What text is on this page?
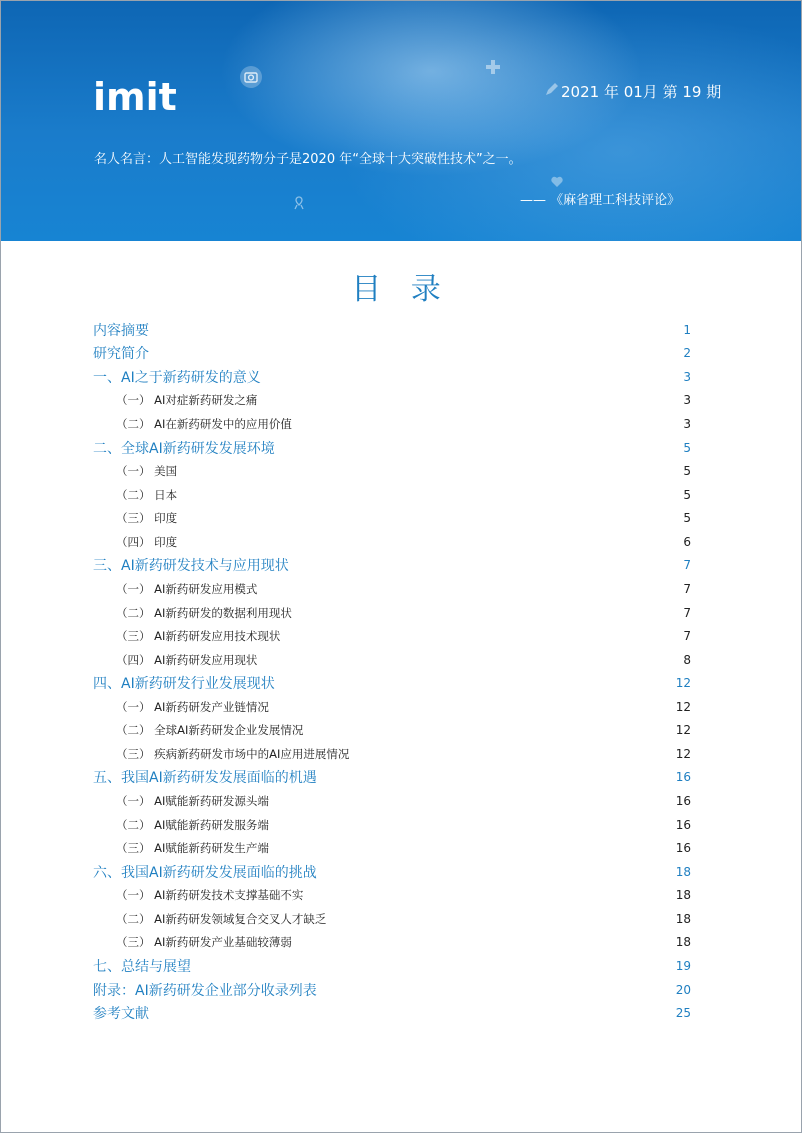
imit	2021 年 01月 第 19 期
名人名言：人工智能发现药物分子是2020 年“全球十大突破性技术”之一。
—— 《麻省理工科技评论》
目 录
内容摘要	1
研究简介	2
一、AI之于新药研发的意义	3
（一） AI对症新药研发之痛	3
（二） AI在新药研发中的应用价值	3
二、全球AI新药研发发展环境	5
（一） 美国	5
（二） 日本	5
（三） 印度	5
（四） 印度	6
三、AI新药研发技术与应用现状	7
（一） AI新药研发应用模式	7
（二） AI新药研发的数据利用现状	7
（三） AI新药研发应用技术现状	7
（四） AI新药研发应用现状	8
四、AI新药研发行业发展现状	12
（一） AI新药研发产业链情况	12
（二） 全球AI新药研发企业发展情况	12
（三） 疾病新药研发市场中的AI应用进展情况	12
五、我国AI新药研发发展面临的机遇	16
（一） AI赋能新药研发源头端	16
（二） AI赋能新药研发服务端	16
（三） AI赋能新药研发生产端	16
六、我国AI新药研发发展面临的挑战	18
（一） AI新药研发技术支撑基础不实	18
（二） AI新药研发领域复合交叉人才缺乏	18
（三） AI新药研发产业基础较薄弱	18
七、总结与展望	19
附录：AI新药研发企业部分收录列表	20
参考文献	25
